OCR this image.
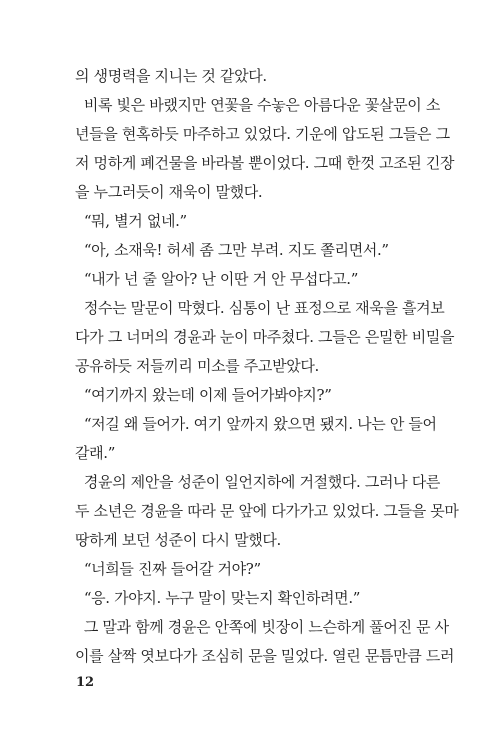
의 생명력을 지니는 것 같았다.
비록 빛은 바랬지만 연꽃을 수놓은 아름다운 꽃살문이 소
년들을 현혹하듯 마주하고 있었다. 기운에 압도된 그들은 그
저 멍하게 폐건물을 바라볼 뿐이었다. 그때 한껏 고조된 긴장
을 누그러듯이 재욱이 말했다.
“뭐, 별거 없네.”
“아, 소재욱! 허세 좀 그만 부려. 지도 쫄리면서.”
“내가 넌 줄 알아? 난 이딴 거 안 무섭다고.”
정수는 말문이 막혔다. 심통이 난 표정으로 재욱을 흘겨보
다가 그 너머의 경윤과 눈이 마주쳤다. 그들은 은밀한 비밀을
공유하듯 저들끼리 미소를 주고받았다.
“여기까지 왔는데 이제 들어가봐야지?”
“저길 왜 들어가. 여기 앞까지 왔으면 됐지. 나는 안 들어
갈래.”
경윤의 제안을 성준이 일언지하에 거절했다. 그러나 다른
두 소년은 경윤을 따라 문 앞에 다가가고 있었다. 그들을 못마
땅하게 보던 성준이 다시 말했다.
“너희들 진짜 들어갈 거야?”
“응. 가야지. 누구 말이 맞는지 확인하려면.”
그 말과 함께 경윤은 안쪽에 빗장이 느슨하게 풀어진 문 사
이를 살짝 엿보다가 조심히 문을 밀었다. 열린 문틈만큼 드러
12
